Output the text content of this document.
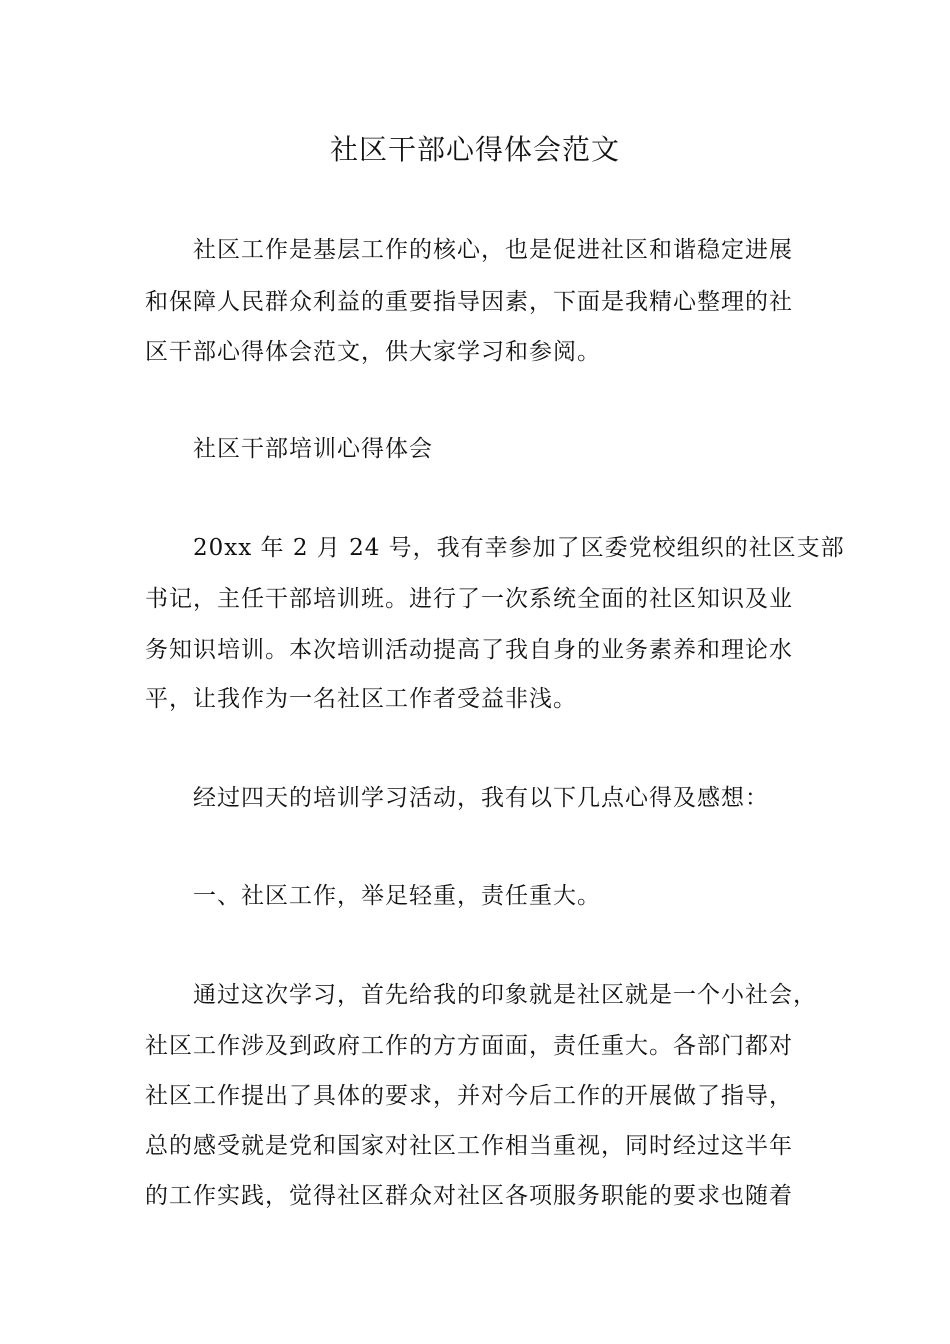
社区干部心得体会范文
社区工作是基层工作的核心，也是促进社区和谐稳定进展
和保障人民群众利益的重要指导因素，下面是我精心整理的社
区干部心得体会范文，供大家学习和参阅。
社区干部培训心得体会
20xx 年 2 月 24 号，我有幸参加了区委党校组织的社区支部
书记，主任干部培训班。进行了一次系统全面的社区知识及业
务知识培训。本次培训活动提高了我自身的业务素养和理论水
平，让我作为一名社区工作者受益非浅。
经过四天的培训学习活动，我有以下几点心得及感想：
一、社区工作，举足轻重，责任重大。
通过这次学习，首先给我的印象就是社区就是一个小社会，
社区工作涉及到政府工作的方方面面，责任重大。各部门都对
社区工作提出了具体的要求，并对今后工作的开展做了指导，
总的感受就是党和国家对社区工作相当重视，同时经过这半年
的工作实践，觉得社区群众对社区各项服务职能的要求也随着
